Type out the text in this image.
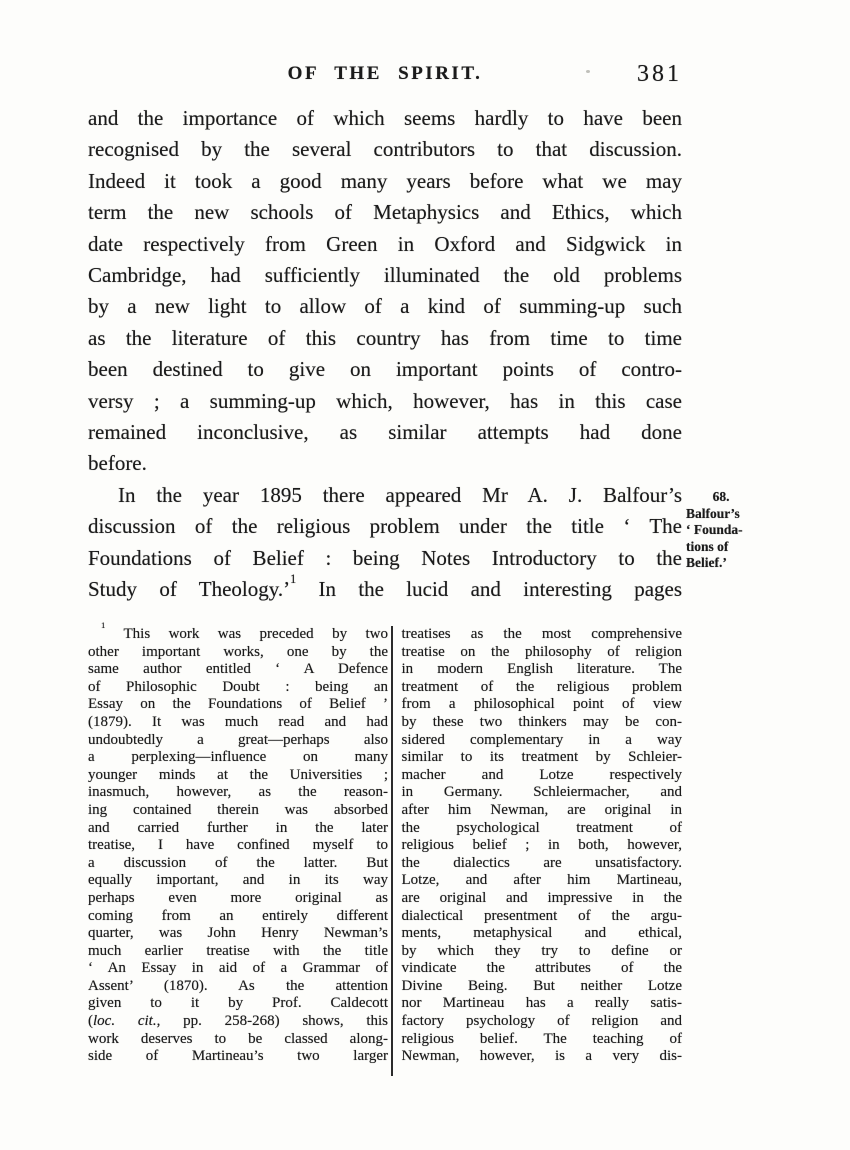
OF THE SPIRIT.	381
and the importance of which seems hardly to have been
recognised by the several contributors to that discussion.
Indeed it took a good many years before what we may
term the new schools of Metaphysics and Ethics, which
date respectively from Green in Oxford and Sidgwick in
Cambridge, had sufficiently illuminated the old problems
by a new light to allow of a kind of summing-up such
as the literature of this country has from time to time
been destined to give on important points of contro-
versy ; a summing-up which, however, has in this case
remained inconclusive, as similar attempts had done
before.
In the year 1895 there appeared Mr A. J. Balfour’s
discussion of the religious problem under the title ‘ The
Foundations of Belief : being Notes Introductory to the
Study of Theology.’$^1$ In the lucid and interesting pages
68.
Balfour’s
‘ Founda-
tions of
Belief.’
$^1$ This work was preceded by two
other important works, one by the
same author entitled ‘ A Defence
of Philosophic Doubt : being an
Essay on the Foundations of Belief ’
(1879). It was much read and had
undoubtedly a great—perhaps also
a perplexing—influence on many
younger minds at the Universities ;
inasmuch, however, as the reason-
ing contained therein was absorbed
and carried further in the later
treatise, I have confined myself to
a discussion of the latter. But
equally important, and in its way
perhaps even more original as
coming from an entirely different
quarter, was John Henry Newman’s
much earlier treatise with the title
‘ An Essay in aid of a Grammar of
Assent’ (1870). As the attention
given to it by Prof. Caldecott
(loc. cit., pp. 258-268) shows, this
work deserves to be classed along-
side of Martineau’s two larger
treatises as the most comprehensive
treatise on the philosophy of religion
in modern English literature. The
treatment of the religious problem
from a philosophical point of view
by these two thinkers may be con-
sidered complementary in a way
similar to its treatment by Schleier-
macher and Lotze respectively
in Germany. Schleiermacher, and
after him Newman, are original in
the psychological treatment of
religious belief ; in both, however,
the dialectics are unsatisfactory.
Lotze, and after him Martineau,
are original and impressive in the
dialectical presentment of the argu-
ments, metaphysical and ethical,
by which they try to define or
vindicate the attributes of the
Divine Being. But neither Lotze
nor Martineau has a really satis-
factory psychology of religion and
religious belief. The teaching of
Newman, however, is a very dis-
